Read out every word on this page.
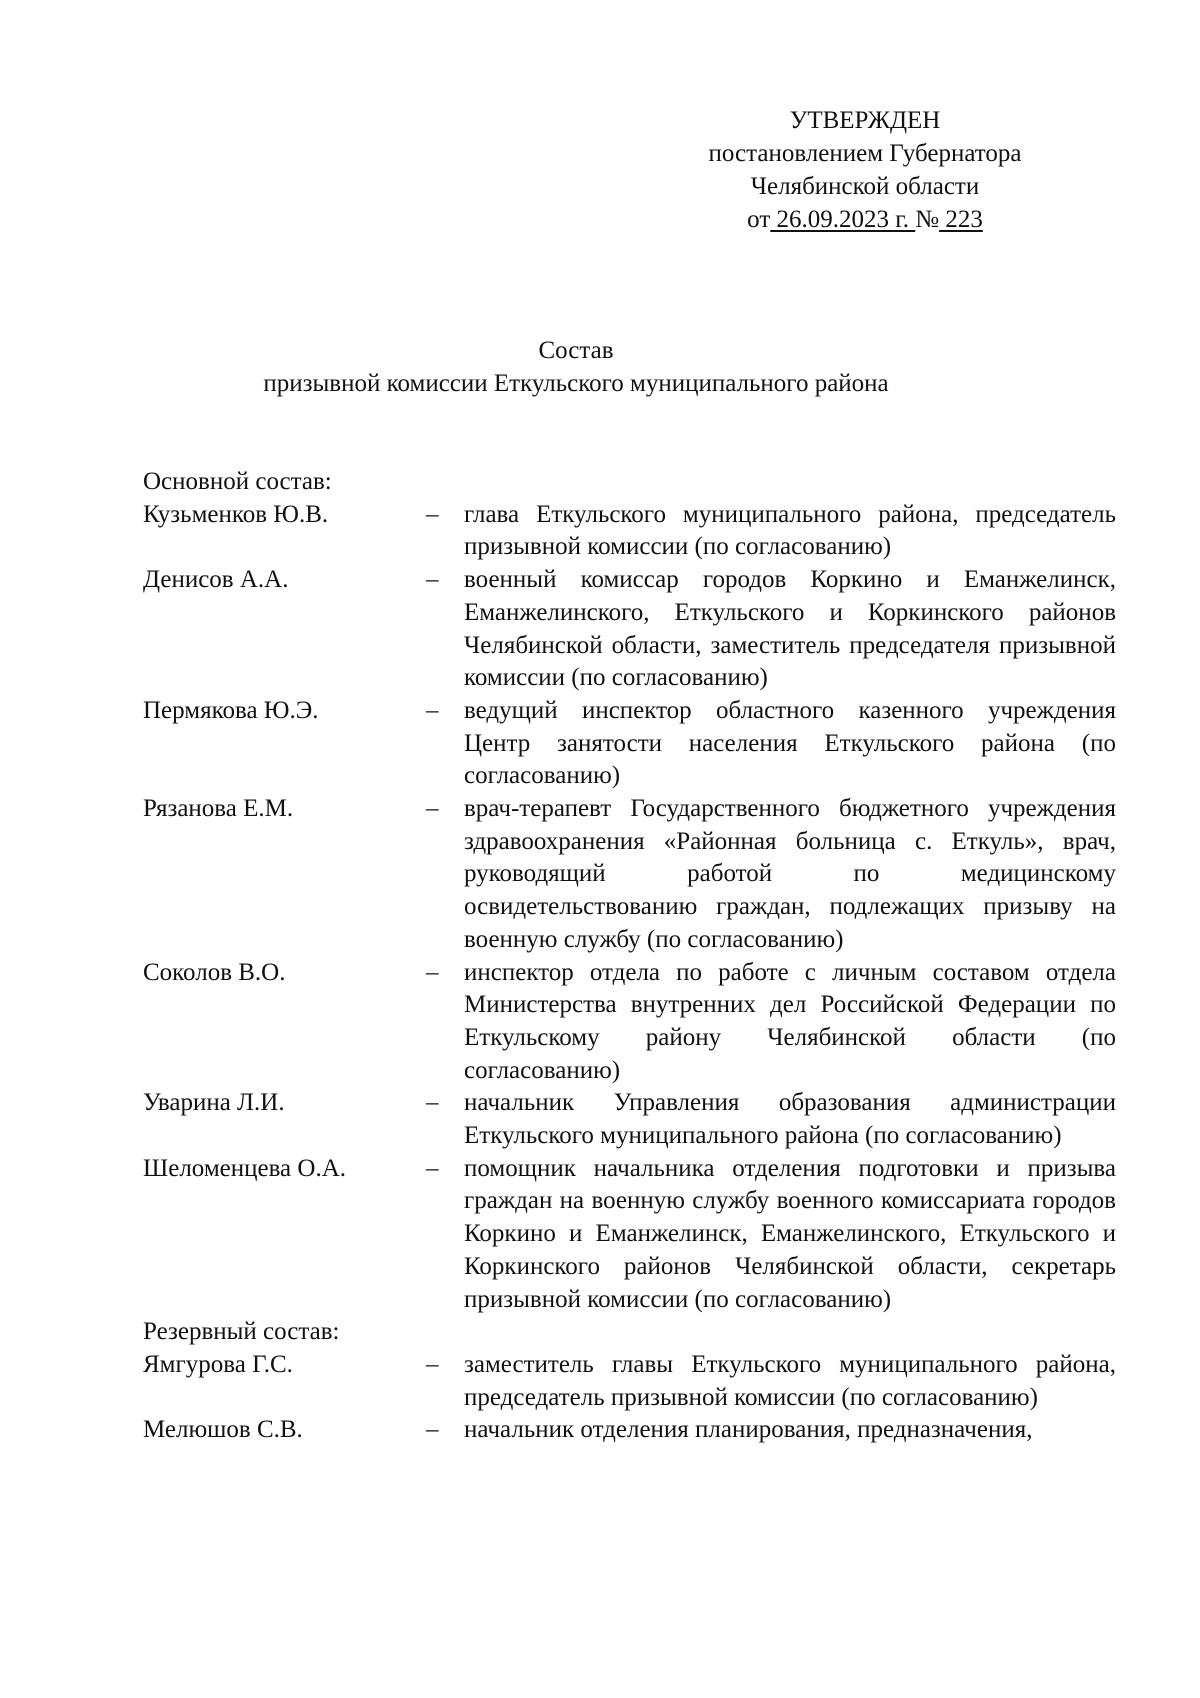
УТВЕРЖДЕН
постановлением Губернатора
Челябинской области
от 26.09.2023 г. № 223
Состав
призывной комиссии Еткульского муниципального района
Основной состав:
Кузьменков Ю.В.	–	глава Еткульского муниципального района, председатель призывной комиссии (по согласованию)
Денисов А.А.	–	военный комиссар городов Коркино и Еманжелинск, Еманжелинского, Еткульского и Коркинского районов Челябинской области, заместитель председателя призывной комиссии (по согласованию)
Пермякова Ю.Э.	–	ведущий инспектор областного казенного учреждения Центр занятости населения Еткульского района (по согласованию)
Рязанова Е.М.	–	врач-терапевт Государственного бюджетного учреждения здравоохранения «Районная больница с. Еткуль», врач, руководящий работой по медицинскому освидетельствованию граждан, подлежащих призыву на военную службу (по согласованию)
Соколов В.О.	–	инспектор отдела по работе с личным составом отдела Министерства внутренних дел Российской Федерации по Еткульскому району Челябинской области (по согласованию)
Уварина Л.И.	–	начальник Управления образования администрации Еткульского муниципального района (по согласованию)
Шеломенцева О.А.	–	помощник начальника отделения подготовки и призыва граждан на военную службу военного комиссариата городов Коркино и Еманжелинск, Еманжелинского, Еткульского и Коркинского районов Челябинской области, секретарь призывной комиссии (по согласованию)
Резервный состав:
Ямгурова Г.С.	–	заместитель главы Еткульского муниципального района, председатель призывной комиссии (по согласованию)
Мелюшов С.В.	–	начальник отделения планирования, предназначения,
